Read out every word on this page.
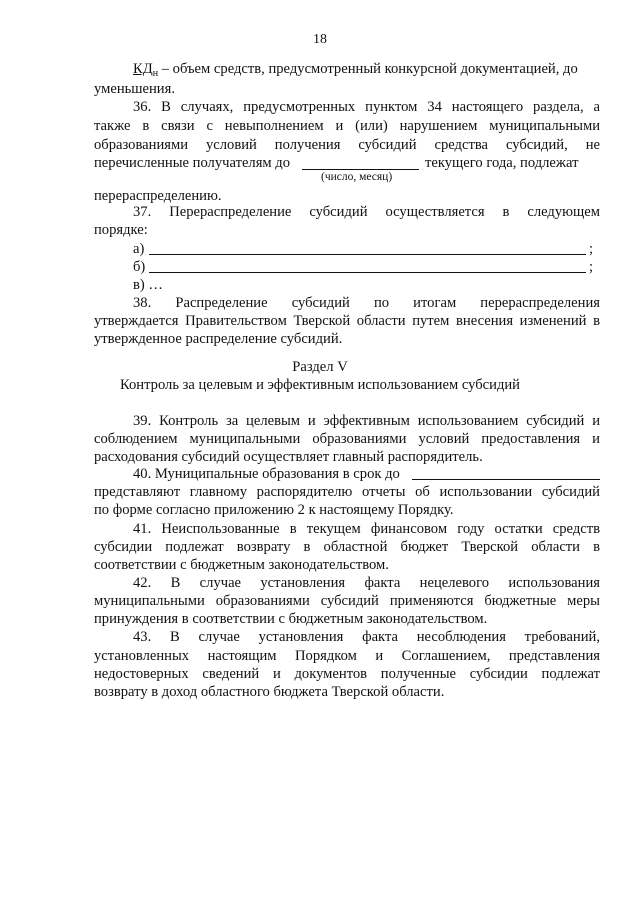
18
$КД_н$ – объем средств, предусмотренный конкурсной документацией, до
уменьшения.
36. В случаях, предусмотренных пунктом 34 настоящего раздела, а
также в связи с невыполнением и (или) нарушением муниципальными
образованиями условий получения субсидий средства субсидий, не
перечисленные получателям до	текущего года, подлежат
(число, месяц)
перераспределению.
37. Перераспределение субсидий осуществляется в следующем
порядке:
а)	;
б)	;
в) …
38. Распределение субсидий по итогам перераспределения
утверждается Правительством Тверской области путем внесения изменений в
утвержденное распределение субсидий.
Раздел V
Контроль за целевым и эффективным использованием субсидий
39. Контроль за целевым и эффективным использованием субсидий и
соблюдением муниципальными образованиями условий предоставления и
расходования субсидий осуществляет главный распорядитель.
40. Муниципальные образования в срок до
представляют главному распорядителю отчеты об использовании субсидий
по форме согласно приложению 2 к настоящему Порядку.
41. Неиспользованные в текущем финансовом году остатки средств
субсидии подлежат возврату в областной бюджет Тверской области в
соответствии с бюджетным законодательством.
42. В случае установления факта нецелевого использования
муниципальными образованиями субсидий применяются бюджетные меры
принуждения в соответствии с бюджетным законодательством.
43. В случае установления факта несоблюдения требований,
установленных настоящим Порядком и Соглашением, представления
недостоверных сведений и документов полученные субсидии подлежат
возврату в доход областного бюджета Тверской области.
